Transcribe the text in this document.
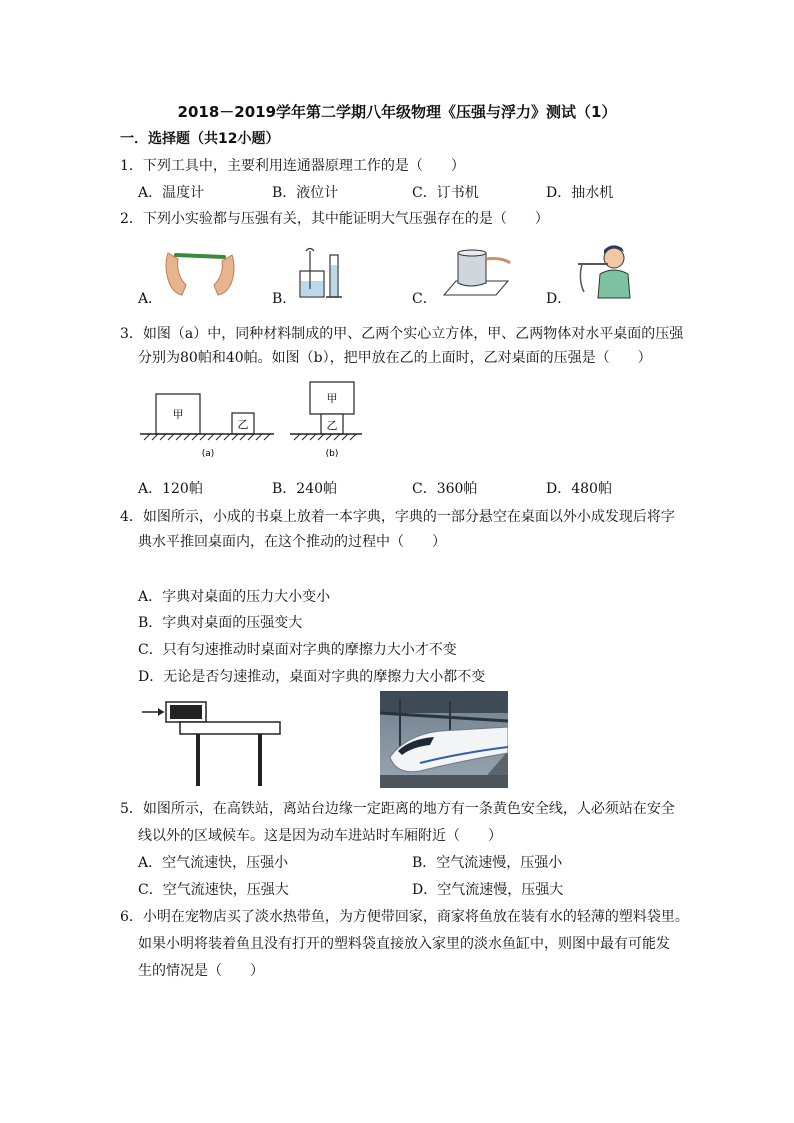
2018－2019学年第二学期八年级物理《压强与浮力》测试（1）
一．选择题（共12小题）
1．下列工具中，主要利用连通器原理工作的是（　　）
A．温度计	B．液位计	C．订书机	D．抽水机
2．下列小实验都与压强有关，其中能证明大气压强存在的是（　　）
A．	B．	C．	D．
3．如图（a）中，同种材料制成的甲、乙两个实心立方体，甲、乙两物体对水平桌面的压强
分别为80帕和40帕。如图（b），把甲放在乙的上面时，乙对桌面的压强是（　　）
甲
乙
(a)
甲
乙
(b)
A．120帕	B．240帕	C．360帕	D．480帕
4．如图所示，小成的书桌上放着一本字典，字典的一部分悬空在桌面以外小成发现后将字
典水平推回桌面内，在这个推动的过程中（　　）
A．字典对桌面的压力大小变小
B．字典对桌面的压强变大
C．只有匀速推动时桌面对字典的摩擦力大小才不变
D．无论是否匀速推动，桌面对字典的摩擦力大小都不变
5．如图所示，在高铁站，离站台边缘一定距离的地方有一条黄色安全线，人必须站在安全
线以外的区域候车。这是因为动车进站时车厢附近（　　）
A．空气流速快，压强小	B．空气流速慢，压强小
C．空气流速快，压强大	D．空气流速慢，压强大
6．小明在宠物店买了淡水热带鱼，为方便带回家，商家将鱼放在装有水的轻薄的塑料袋里。
如果小明将装着鱼且没有打开的塑料袋直接放入家里的淡水鱼缸中，则图中最有可能发
生的情况是（　　）
